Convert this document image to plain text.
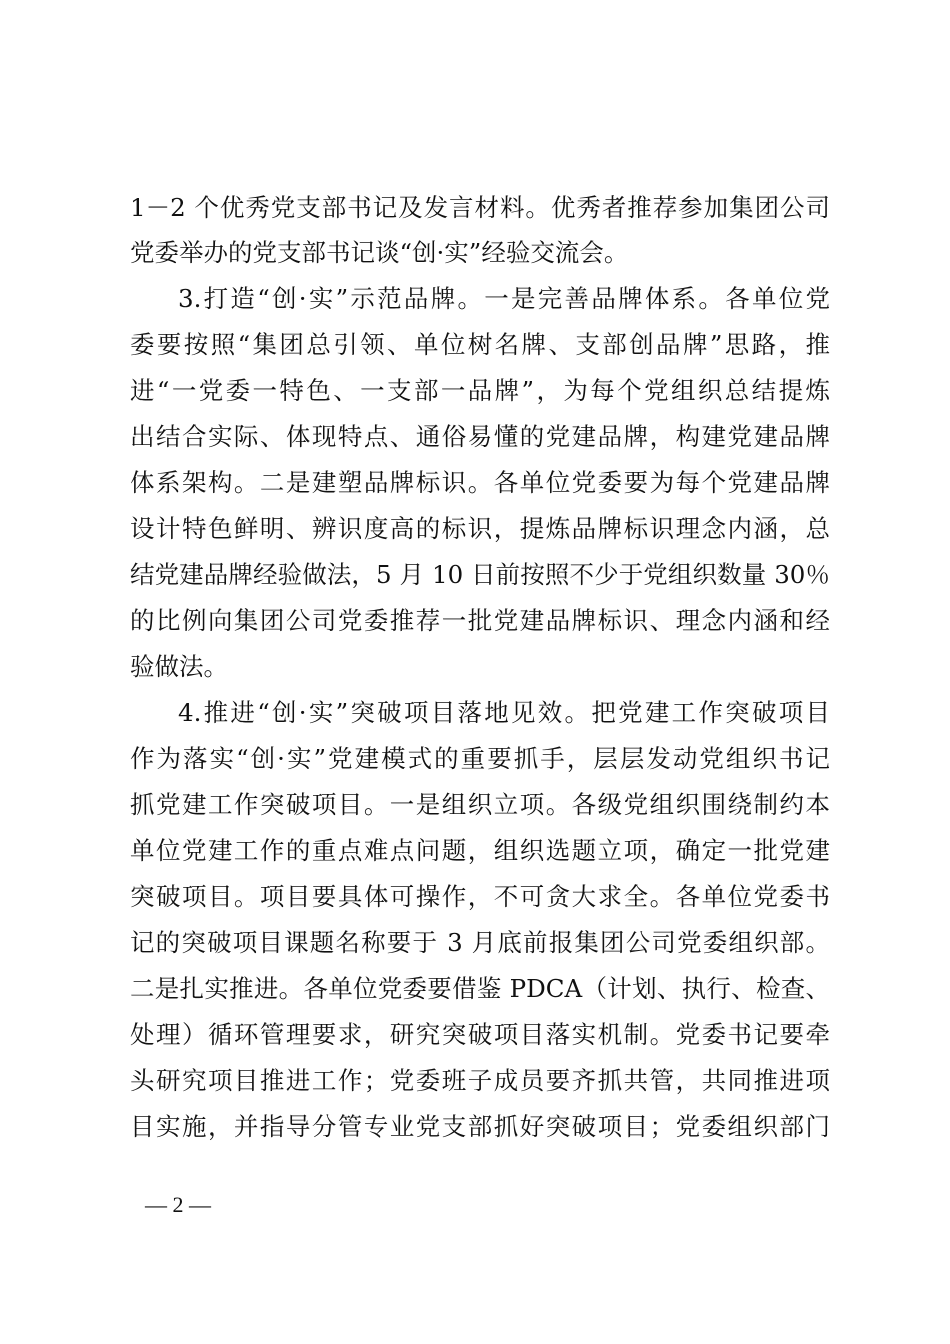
1－2 个优秀党支部书记及发言材料。优秀者推荐参加集团公司
党委举办的党支部书记谈“创·实”经验交流会。
3.打造“创·实”示范品牌。一是完善品牌体系。各单位党
委要按照“集团总引领、单位树名牌、支部创品牌”思路，推
进“一党委一特色、一支部一品牌”，为每个党组织总结提炼
出结合实际、体现特点、通俗易懂的党建品牌，构建党建品牌
体系架构。二是建塑品牌标识。各单位党委要为每个党建品牌
设计特色鲜明、辨识度高的标识，提炼品牌标识理念内涵，总
结党建品牌经验做法，5 月 10 日前按照不少于党组织数量 30％
的比例向集团公司党委推荐一批党建品牌标识、理念内涵和经
验做法。
4.推进“创·实”突破项目落地见效。把党建工作突破项目
作为落实“创·实”党建模式的重要抓手，层层发动党组织书记
抓党建工作突破项目。一是组织立项。各级党组织围绕制约本
单位党建工作的重点难点问题，组织选题立项，确定一批党建
突破项目。项目要具体可操作，不可贪大求全。各单位党委书
记的突破项目课题名称要于 3 月底前报集团公司党委组织部。
二是扎实推进。各单位党委要借鉴 PDCA（计划、执行、检查、
处理）循环管理要求，研究突破项目落实机制。党委书记要牵
头研究项目推进工作；党委班子成员要齐抓共管，共同推进项
目实施，并指导分管专业党支部抓好突破项目；党委组织部门
— 2 —
